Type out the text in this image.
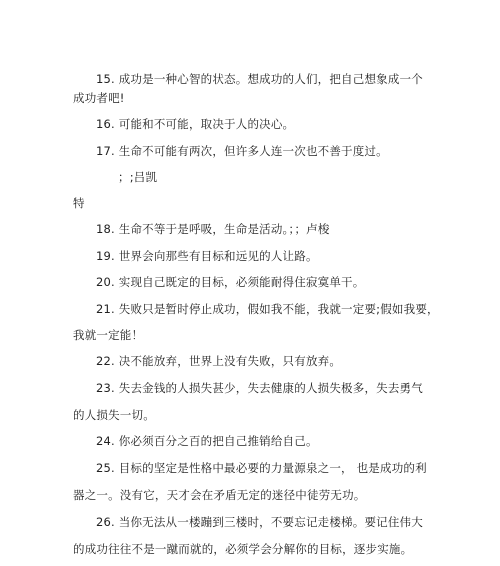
15. 成功是一种心智的状态。想成功的人们，把自己想象成一个
成功者吧!
16. 可能和不可能，取决于人的决心。
17. 生命不可能有两次，但许多人连一次也不善于度过。
；;吕凯
特
18. 生命不等于是呼吸，生命是活动。；；卢梭
19. 世界会向那些有目标和远见的人让路。
20. 实现自己既定的目标，必须能耐得住寂寞单干。
21. 失败只是暂时停止成功，假如我不能，我就一定要;假如我要，
我就一定能！
22. 决不能放弃，世界上没有失败，只有放弃。
23. 失去金钱的人损失甚少，失去健康的人损失极多，失去勇气
的人损失一切。
24. 你必须百分之百的把自己推销给自己。
25. 目标的坚定是性格中最必要的力量源泉之一， 也是成功的利
器之一。没有它，天才会在矛盾无定的迷径中徒劳无功。
26. 当你无法从一楼蹦到三楼时，不要忘记走楼梯。要记住伟大
的成功往往不是一蹴而就的，必须学会分解你的目标，逐步实施。
